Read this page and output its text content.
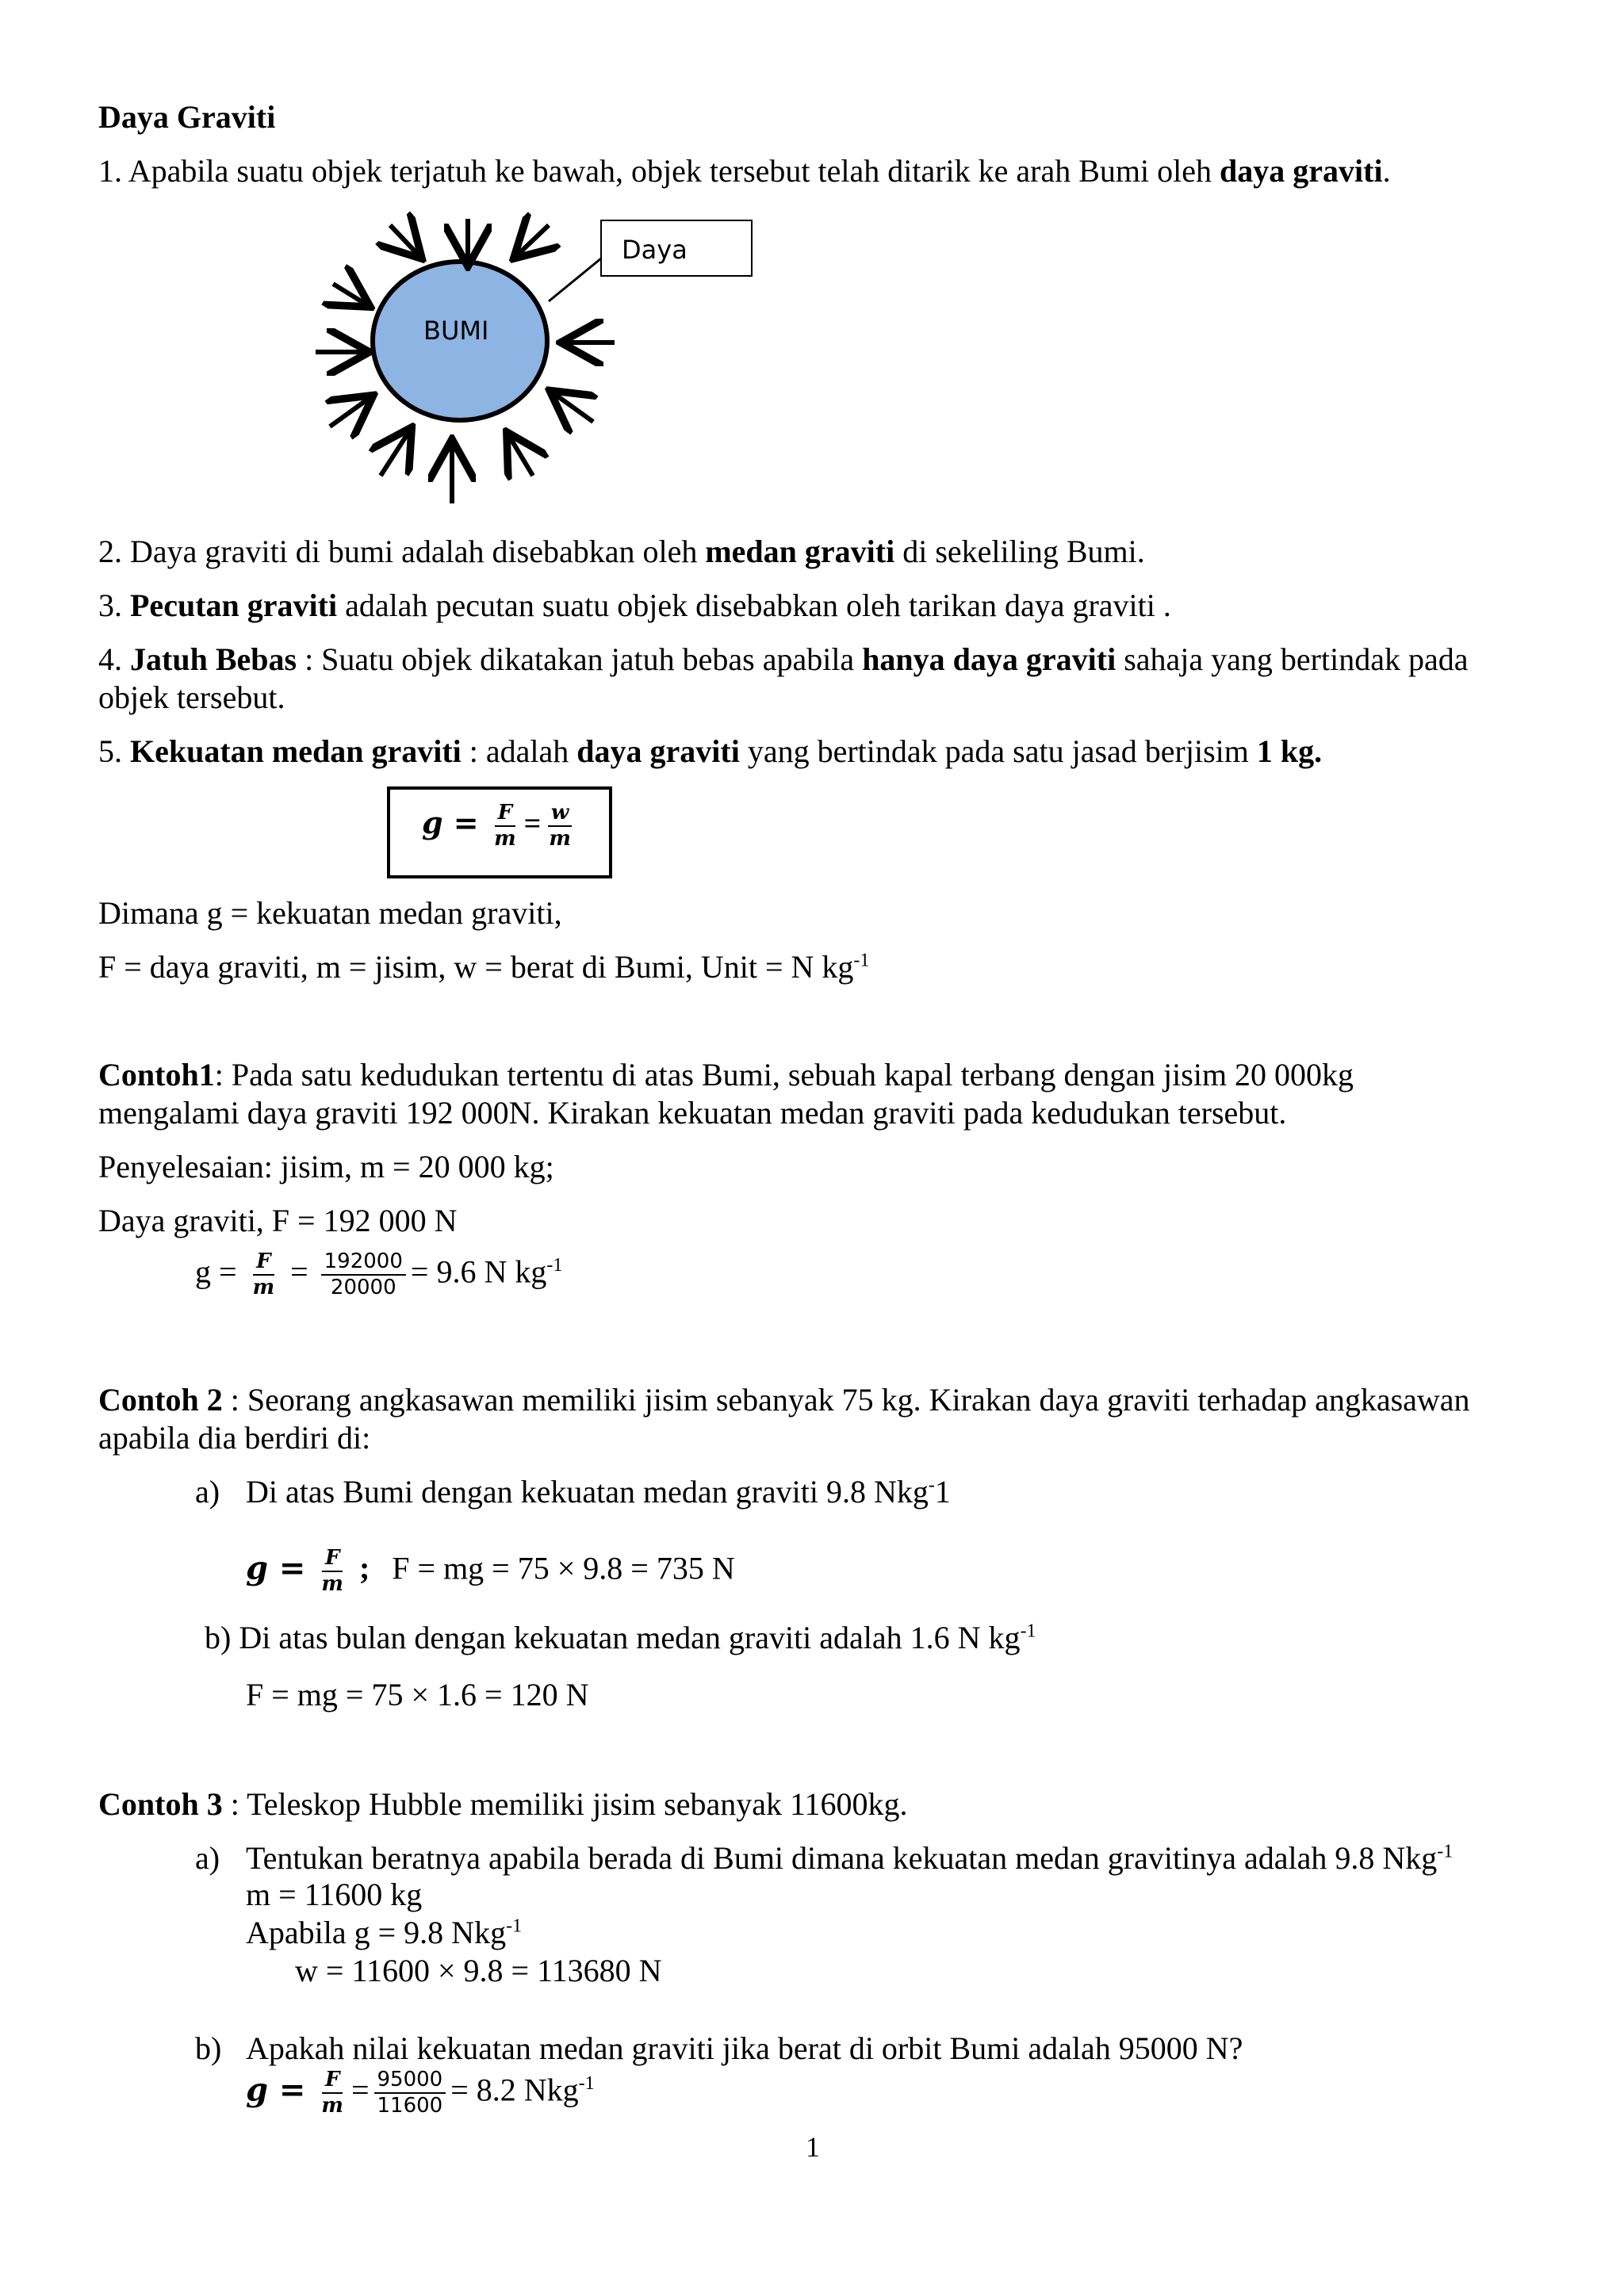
Daya Graviti
1. Apabila suatu objek terjatuh ke bawah, objek tersebut telah ditarik ke arah Bumi oleh daya graviti.
BUMI
Daya
2. Daya graviti di bumi adalah disebabkan oleh medan graviti di sekeliling Bumi.
3. Pecutan graviti adalah pecutan suatu objek disebabkan oleh tarikan daya graviti .
4. Jatuh Bebas : Suatu objek dikatakan jatuh bebas apabila hanya daya graviti sahaja yang bertindak pada
objek tersebut.
5. Kekuatan medan graviti : adalah daya graviti yang bertindak pada satu jasad berjisim 1 kg.
$g = \frac{F}{m} = \frac{w}{m}$
Dimana g = kekuatan medan graviti,
F = daya graviti, m = jisim, w = berat di Bumi, Unit = N $kg^{-1}$
Contoh1: Pada satu kedudukan tertentu di atas Bumi, sebuah kapal terbang dengan jisim 20 000kg
mengalami daya graviti 192 000N. Kirakan kekuatan medan graviti pada kedudukan tersebut.
Penyelesaian: jisim, m = 20 000 kg;
Daya graviti, F = 192 000 N
$g = \frac{F}{m} = \frac{192000}{20000} = 9.6$ N $kg^{-1}$
Contoh 2 : Seorang angkasawan memiliki jisim sebanyak 75 kg. Kirakan daya graviti terhadap angkasawan
apabila dia berdiri di:
a) Di atas Bumi dengan kekuatan medan graviti 9.8 Nkg-1
$g = \frac{F}{m}$ ; F = mg = 75 × 9.8 = 735 N
b) Di atas bulan dengan kekuatan medan graviti adalah 1.6 N $kg^{-1}$
F = mg = 75 × 1.6 = 120 N
Contoh 3 : Teleskop Hubble memiliki jisim sebanyak 11600kg.
a) Tentukan beratnya apabila berada di Bumi dimana kekuatan medan gravitinya adalah 9.8 Nkg$^{-1}$
m = 11600 kg
Apabila g = 9.8 Nkg$^{-1}$
w = 11600 × 9.8 = 113680 N
b) Apakah nilai kekuatan medan graviti jika berat di orbit Bumi adalah 95000 N?
$g = \frac{F}{m} = \frac{95000}{11600} = 8.2$ Nkg$^{-1}$
1
